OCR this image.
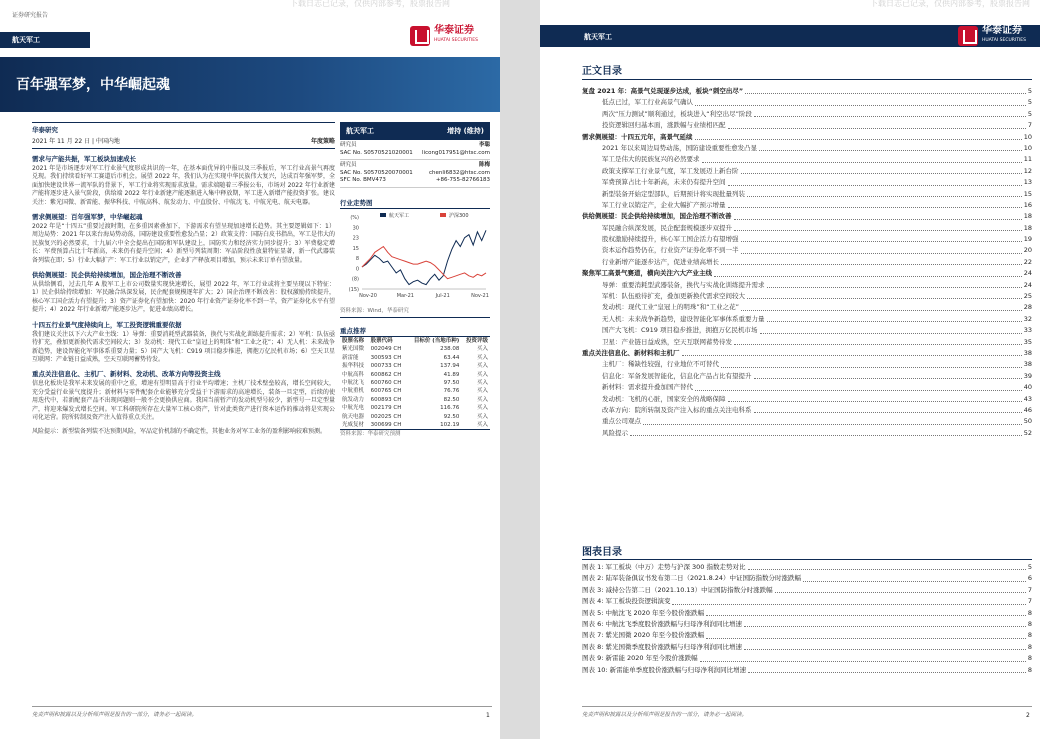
下载日志已记录，仅供内部参考，股票报告网
证券研究报告
华泰证券
HUATAI SECURITIES
航天军工
百年强军梦，中华崛起魂
华泰研究
2021 年 11 月 22 日 | 中国内地	年度策略
需求与产能共振，军工板块加速成长
2021 年是市场逐步对军工行业景气度形成共识的一年，在基本面优异的中报以及三季报后，军工行业高景气再度兑现。我们持续看好军工赛道后市机会。展望 2022 年，我们认为在实现中华民族伟大复兴，达成百年强军梦，全面加快建设世界一流军队的背景下，军工行业将实现需求放量。需求端随着三季报公布，市场对 2022 年行业新建产能将逐步进入景气阶段，供给端 2022 年行业新建产能逐渐进入集中释放期，军工进入新增产能投资扩张。建议关注：紫光国微、新雷能、振华科技、中航高科、航发动力、中直股份、中航沈飞、中航光电、航天电器。
需求侧展望：百年强军梦，中华崛起魂
2022 年是“十四五”重要过渡时期，在多重因素叠加下，下游需求有望呈现加速增长趋势。其主要逻辑如下：1）周边局势：2021 年以来台海局势动荡，国防建设重要性愈发凸显；2）政策支持：国防白皮书指出，军工是伟大的民族复兴的必然要求，十九届六中全会提出在国防和军队建设上，国防实力和经济实力同步提升；3）军费稳定增长：军费预算占比十年新高，未来仍有提升空间；4）新型号列装周期：军品阶段性放量特征显著，新一代武器装备列装在即；5）行业大幅扩产：军工行业以销定产，企业扩产释放项目增加，预示未来订单有望放量。
供给侧展望：民企供给持续增加，国企治理不断改善
从供给侧看，过去几年 A 股军工上市公司数量实现快速增长，展望 2022 年，军工行业或将主要呈现以下特征：1）民企供给持续增加：军民融合纵深发展，民企配套规模逐年扩大；2）国企治理不断改善：股权激励持续提升，核心军工国企活力有望提升；3）资产证券化有望加快：2020 年行业资产证券化率不到一半，资产证券化水平有望提升；4）2022 年行业新增产能逐步达产，促进业绩高增长。
十四五行业景气度持续向上，军工投资逻辑重要依据
我们建议关注以下六大产业主线：1）导弹：重要消耗型武器装备，换代与实战化训练提升需求；2）军机：队伍亟待扩充，叠加更新换代需求空间较大；3）发动机：现代工业“皇冠上的明珠”和“工业之花”；4）无人机：未来战争新趋势，建设智能化军事体系重要力量；5）国产大飞机：C919 项目稳步推进，拥抱万亿民机市场；6）空天卫星互联网：产业链日益成熟，空天互联网蓄势待发。
重点关注信息化、主机厂、新材料、发动机、改革方向等投资主线
信息化板块是我军未来发展的重中之重，增速有望明显高于行业平均增速；主机厂技术壁垒较高，增长空间较大，充分受益行业景气度提升；新材料与零件配套企业能够充分受益于下游需求的高速增长，装备一旦定型，后续的使用迭代中，若新配套产品不出现问题则一般不会更换供应商。我国当前暂产的发动机型号较少，新型号一旦定型量产，将迎来爆发式增长空间。军工科研院所存在大量军工核心资产，针对此类资产进行资本运作的推动将是实现公司化运营。院所转制及资产注入值得重点关注。
风险提示：新型装备列装不达预期风险，军品定价机制的不确定性，其他业务对军工业务的盈利影响较难预测。
航天军工	增持 (维持)
研究员	李聪
SAC No. S0570521020001 licong017951@htsc.com
研究员	陈梅
SAC No. S0570520070001	chenli6832@htsc.com
SFC No. BMV473	+86-755-82766183
行业走势图
(%)
30
23
15
8
0
(8)
(15)
Nov-20	Mar-21	Jul-21	Nov-21
航天军工	沪深300
资料来源：Wind，华泰研究
重点推荐
股票名称	股票代码	目标价 (当地币种)	投资评级
紫光国微	002049 CH	238.08	买入
新雷能	300593 CH	63.44	买入
振华科技	000733 CH	137.94	买入
中航高科	600862 CH	41.89	买入
中航沈飞	600760 CH	97.50	买入
中航重机	600765 CH	76.76	买入
航发动力	600893 CH	82.50	买入
中航光电	002179 CH	116.76	买入
航天电器	002025 CH	92.50	买入
光威复材	300699 CH	102.19	买入
资料来源：华泰研究预测
免责声明和披露以及分析师声明是报告的一部分，请务必一起阅读。	1
下载日志已记录，仅供内部参考，股票报告网
航天军工
华泰证券
HUATAI SECURITIES
正文目录
复盘 2021 年：高景气兑现逐步达成，板块“刺空出尽”	5
低点已过，军工行业高景气确认	5
两次“压力测试”顺利通过，板块进入“利空出尽”阶段	5
投资逻辑回归基本面，涨跌幅与业绩相匹配	7
需求侧展望：十四五元年，高景气延续	10
2021 年以来周边局势动荡，国防建设重要性愈发凸显	10
军工是伟大的民族复兴的必然要求	11
政策支撑军工行业景气度，军工发展迈上新台阶	12
军费预算占比十年新高，未来仍有提升空间	13
新型装备开始定型部队，后期预计将实现批量列装	15
军工行业以销定产，企业大幅扩产预示增量	16
供给侧展望：民企供给持续增加，国企治理不断改善	18
军民融合纵深发展，民企配套规模逐步双提升	18
股权激励持续提升，核心军工国企活力有望增强	19
资本运作趋势仍在，行业资产证券化率不到一半	20
行业新增产能逐步达产，促进业绩高增长	22
聚焦军工高景气赛道，横向关注六大产业主线	24
导弹：重要消耗型武器装备，换代与实战化训练提升需求	24
军机：队伍亟待扩充，叠加更新换代需求空间较大	25
发动机：现代工业“皇冠上的明珠”和“工业之花”	28
无人机：未来战争新趋势，建设智能化军事体系重要力量	32
国产大飞机：C919 项目稳步推进，拥抱万亿民机市场	33
卫星：产业链日益成熟，空天互联网蓄势待发	35
重点关注信息化、新材料和主机厂	38
主机厂：稀缺性较强，行业地位不可替代	38
信息化：军备发展智能化，信息化产品占比有望提升	39
新材料：需求提升叠加国产替代	40
发动机：飞机的心脏，国家安全的战略保障	43
改革方向：院所转制及资产注入标的重点关注电科系	46
重点公司观点	50
风险提示	52
图表目录
图表 1: 军工板块（中万）走势与沪深 300 指数走势对比	5
图表 2: 陆军装备俱议书发布第二日（2021.8.24）中证国防指数分时涨跌幅	6
图表 3: 减持公告第二日（2021.10.13）中证国防指数分时涨跌幅	7
图表 4: 军工板块投资逻辑演变	7
图表 5: 中航沈飞 2020 年至今股价涨跌幅	8
图表 6: 中航沈飞季度股价涨跌幅与归母净利润同比增速	8
图表 7: 紫光国微 2020 年至今股价涨跌幅	8
图表 8: 紫光国微季度股价涨跌幅与归母净利润同比增速	8
图表 9: 新雷能 2020 年至今股价涨跌幅	8
图表 10: 新雷能单季度股价涨跌幅与归母净利润同比增速	8
免责声明和披露以及分析师声明是报告的一部分，请务必一起阅读。	2
